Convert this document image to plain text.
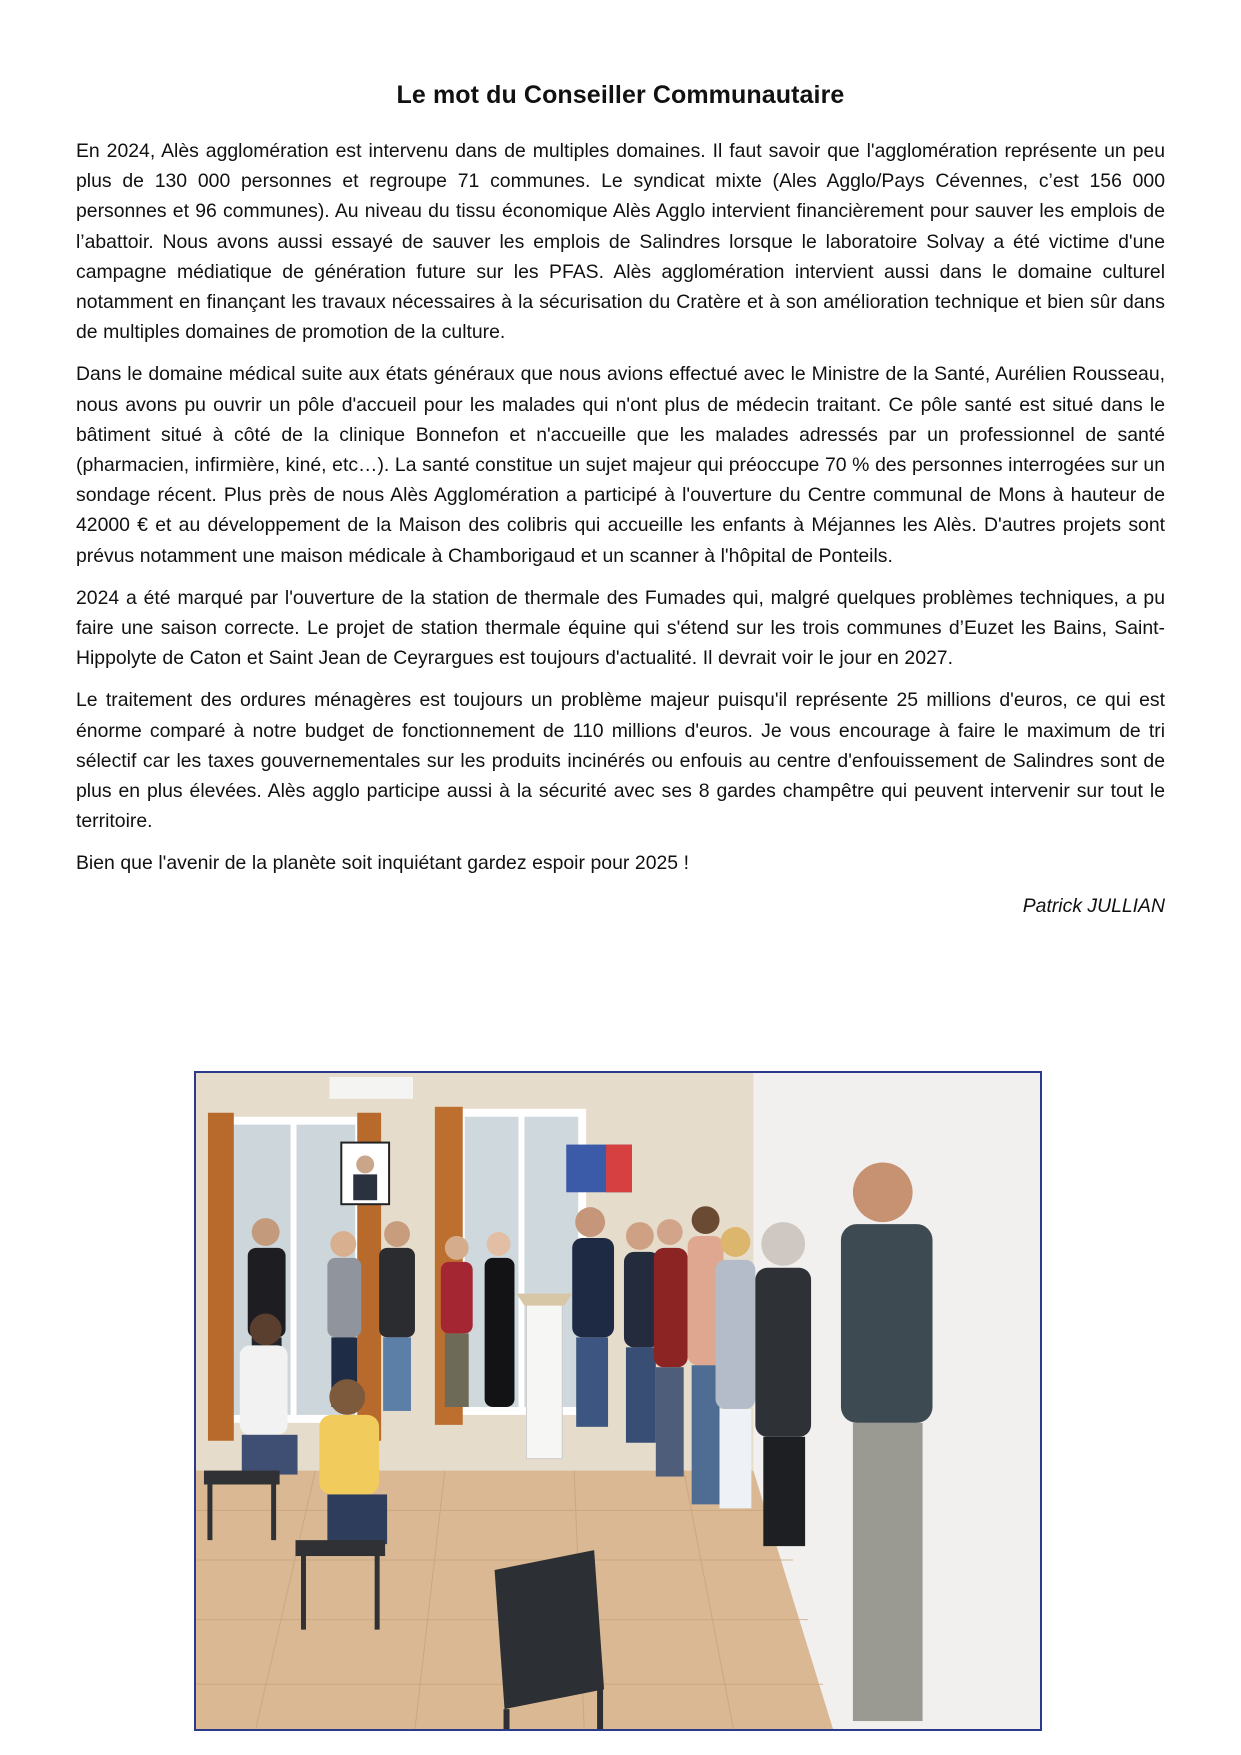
Le mot du Conseiller Communautaire

En 2024, Alès agglomération est intervenu dans de multiples domaines. Il faut savoir que l'agglomération représente un peu plus de 130 000 personnes et regroupe 71 communes. Le syndicat mixte (Ales Agglo/Pays Cévennes, c’est 156 000 personnes et 96 communes). Au niveau du tissu économique Alès Agglo intervient financièrement pour sauver les emplois de l’abattoir. Nous avons aussi essayé de sauver les emplois de Salindres lorsque le laboratoire Solvay a été victime d'une campagne médiatique de génération future sur les PFAS. Alès agglomération intervient aussi dans le domaine culturel notamment en finançant les travaux nécessaires à la sécurisation du Cratère et à son amélioration technique et bien sûr dans de multiples domaines de promotion de la culture.

Dans le domaine médical suite aux états généraux que nous avions effectué avec le Ministre de la Santé, Aurélien Rousseau, nous avons pu ouvrir un pôle d'accueil pour les malades qui n'ont plus de médecin traitant. Ce pôle santé est situé dans le bâtiment situé à côté de la clinique Bonnefon et n'accueille que les malades adressés par un professionnel de santé (pharmacien, infirmière, kiné, etc…). La santé constitue un sujet majeur qui préoccupe 70 % des personnes interrogées sur un sondage récent. Plus près de nous Alès Agglomération a participé à l'ouverture du Centre communal de Mons à hauteur de 42000 € et au développement de la Maison des colibris qui accueille les enfants à Méjannes les Alès. D'autres projets sont prévus notamment une maison médicale à Chamborigaud et un scanner à l'hôpital de Ponteils.

2024 a été marqué par l'ouverture de la station de thermale des Fumades qui, malgré quelques problèmes techniques, a pu faire une saison correcte. Le projet de station thermale équine qui s'étend sur les trois communes d’Euzet les Bains, Saint-Hippolyte de Caton et Saint Jean de Ceyrargues est toujours d'actualité. Il devrait voir le jour en 2027.

Le traitement des ordures ménagères est toujours un problème majeur puisqu'il représente 25 millions d'euros, ce qui est énorme comparé à notre budget de fonctionnement de 110 millions d'euros. Je vous encourage à faire le maximum de tri sélectif car les taxes gouvernementales sur les produits incinérés ou enfouis au centre d'enfouissement de Salindres sont de plus en plus élevées. Alès agglo participe aussi à la sécurité avec ses 8 gardes champêtre qui peuvent intervenir sur tout le territoire.

Bien que l'avenir de la planète soit inquiétant gardez espoir pour 2025 !

Patrick JULLIAN
